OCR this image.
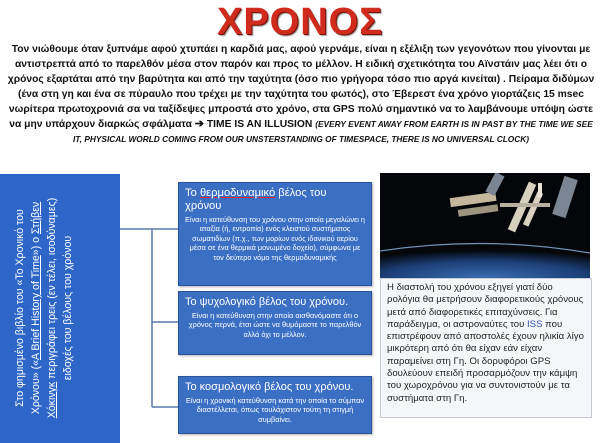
ΧΡΟΝΟΣ
Τον νιώθουμε όταν ξυπνάμε αφού χτυπάει η καρδιά μας, αφού γερνάμε, είναι η εξέλιξη των γεγονότων που γίνονται με αντιστρεπτά από το παρελθόν μέσα στον παρόν και προς το μέλλον. Η ειδική σχετικότητα του Αϊνστάιν μας λέει ότι ο χρόνος εξαρτάται από την βαρύτητα και από την ταχύτητα (όσο πιο γρήγορα τόσο πιο αργά κινείται) . Πείραμα διδύμων (ένα στη γη και ένα σε πύραυλο που τρέχει με την ταχύτητα του φωτός), στο Έβερεστ ένα χρόνο γιορτάζεις 15 msec νωρίτερα πρωτοχρονιά σα να ταξίδεψες μπροστά στο χρόνο, στα GPS πολύ σημαντικό να το λαμβάνουμε υπόψη ώστε να μην υπάρχουν διαρκώς σφάλματα ➔ TIME IS AN ILLUSION (EVERY EVENT AWAY FROM EARTH IS IN PAST BY THE TIME WE SEE IT, PHYSICAL WORLD COMING FROM OUR UNSTERSTANDING OF TIMESPACE, THERE IS NO UNIVERSAL CLOCK)
Στο φημισμένο βιβλίο του «Το Χρονικό του Χρόνου» («A Brief History of Time») ο Στήβεν Χόκινγκ περιγράφει τρεις (εν τέλει, ισοδύναμες) ειδοχές του βέλους του χρόνου
Το θερμοδυναμικό βέλος του χρόνου
Είναι η κατεύθυνση του χρόνου στην οποία μεγαλώνει η αταξία (ή, εντροπία) ενός κλειστού συστήματος σωματιδίων (π.χ., των μορίων ενός ιδανικού αερίου μέσα σε ένα θερμικά μονωμένο δοχείο), σύμφωνα με τον δεύτερο νόμο της θερμοδυναμικής
Το ψυχολογικό βέλος του χρόνου.
Είναι η κατεύθυνση στην οποία αισθανόμαστε ότι ο χρόνος περνά, έτσι ώστε να θυμόμαστε το παρελθόν αλλά όχι το μέλλον.
Το κοσμολογικό βέλος του χρόνου.
Είναι η χρονική κατεύθυνση κατά την οποία το σύμπαν διαστέλλεται, όπως τουλάχιστον τούτη τη στιγμή συμβαίνει.
Η διαστολή του χρόνου εξηγεί γιατί δύο ρολόγια θα μετρήσουν διαφορετικούς χρόνους μετά από διαφορετικές επιταχύνσεις. Για παράδειγμα, οι αστροναύτες του ISS που επιστρέφουν από αποστολές έχουν ηλικία λίγο μικρότερη από ότι θα είχαν εάν είχαν παραμείνει στη Γη. Οι δορυφόροι GPS δουλεύουν επειδή προσαρμόζουν την κάμψη του χωροχρόνου για να συντονιστούν με τα συστήματα στη Γη.
